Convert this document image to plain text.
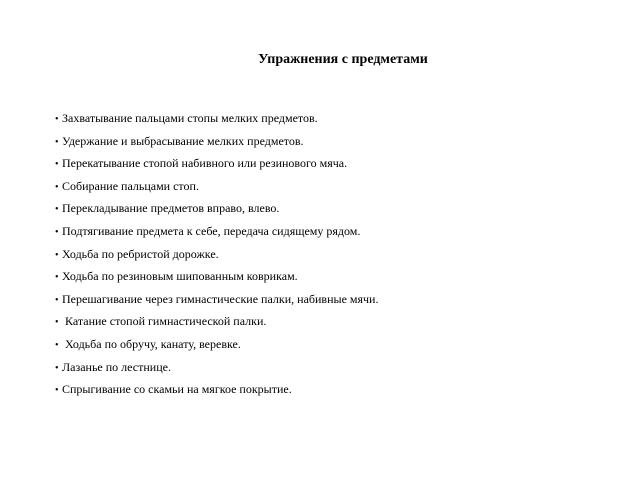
Упражнения с предметами
• Захватывание пальцами стопы мелких предметов.
• Удержание и выбрасывание мелких предметов.
• Перекатывание стопой набивного или резинового мяча.
• Собирание пальцами стоп.
• Перекладывание предметов вправо, влево.
• Подтягивание предмета к себе, передача сидящему рядом.
• Ходьба по ребристой дорожке.
• Ходьба по резиновым шипованным коврикам.
• Перешагивание через гимнастические палки, набивные мячи.
• Катание стопой гимнастической палки.
• Ходьба по обручу, канату, веревке.
• Лазанье по лестнице.
• Спрыгивание со скамьи на мягкое покрытие.
